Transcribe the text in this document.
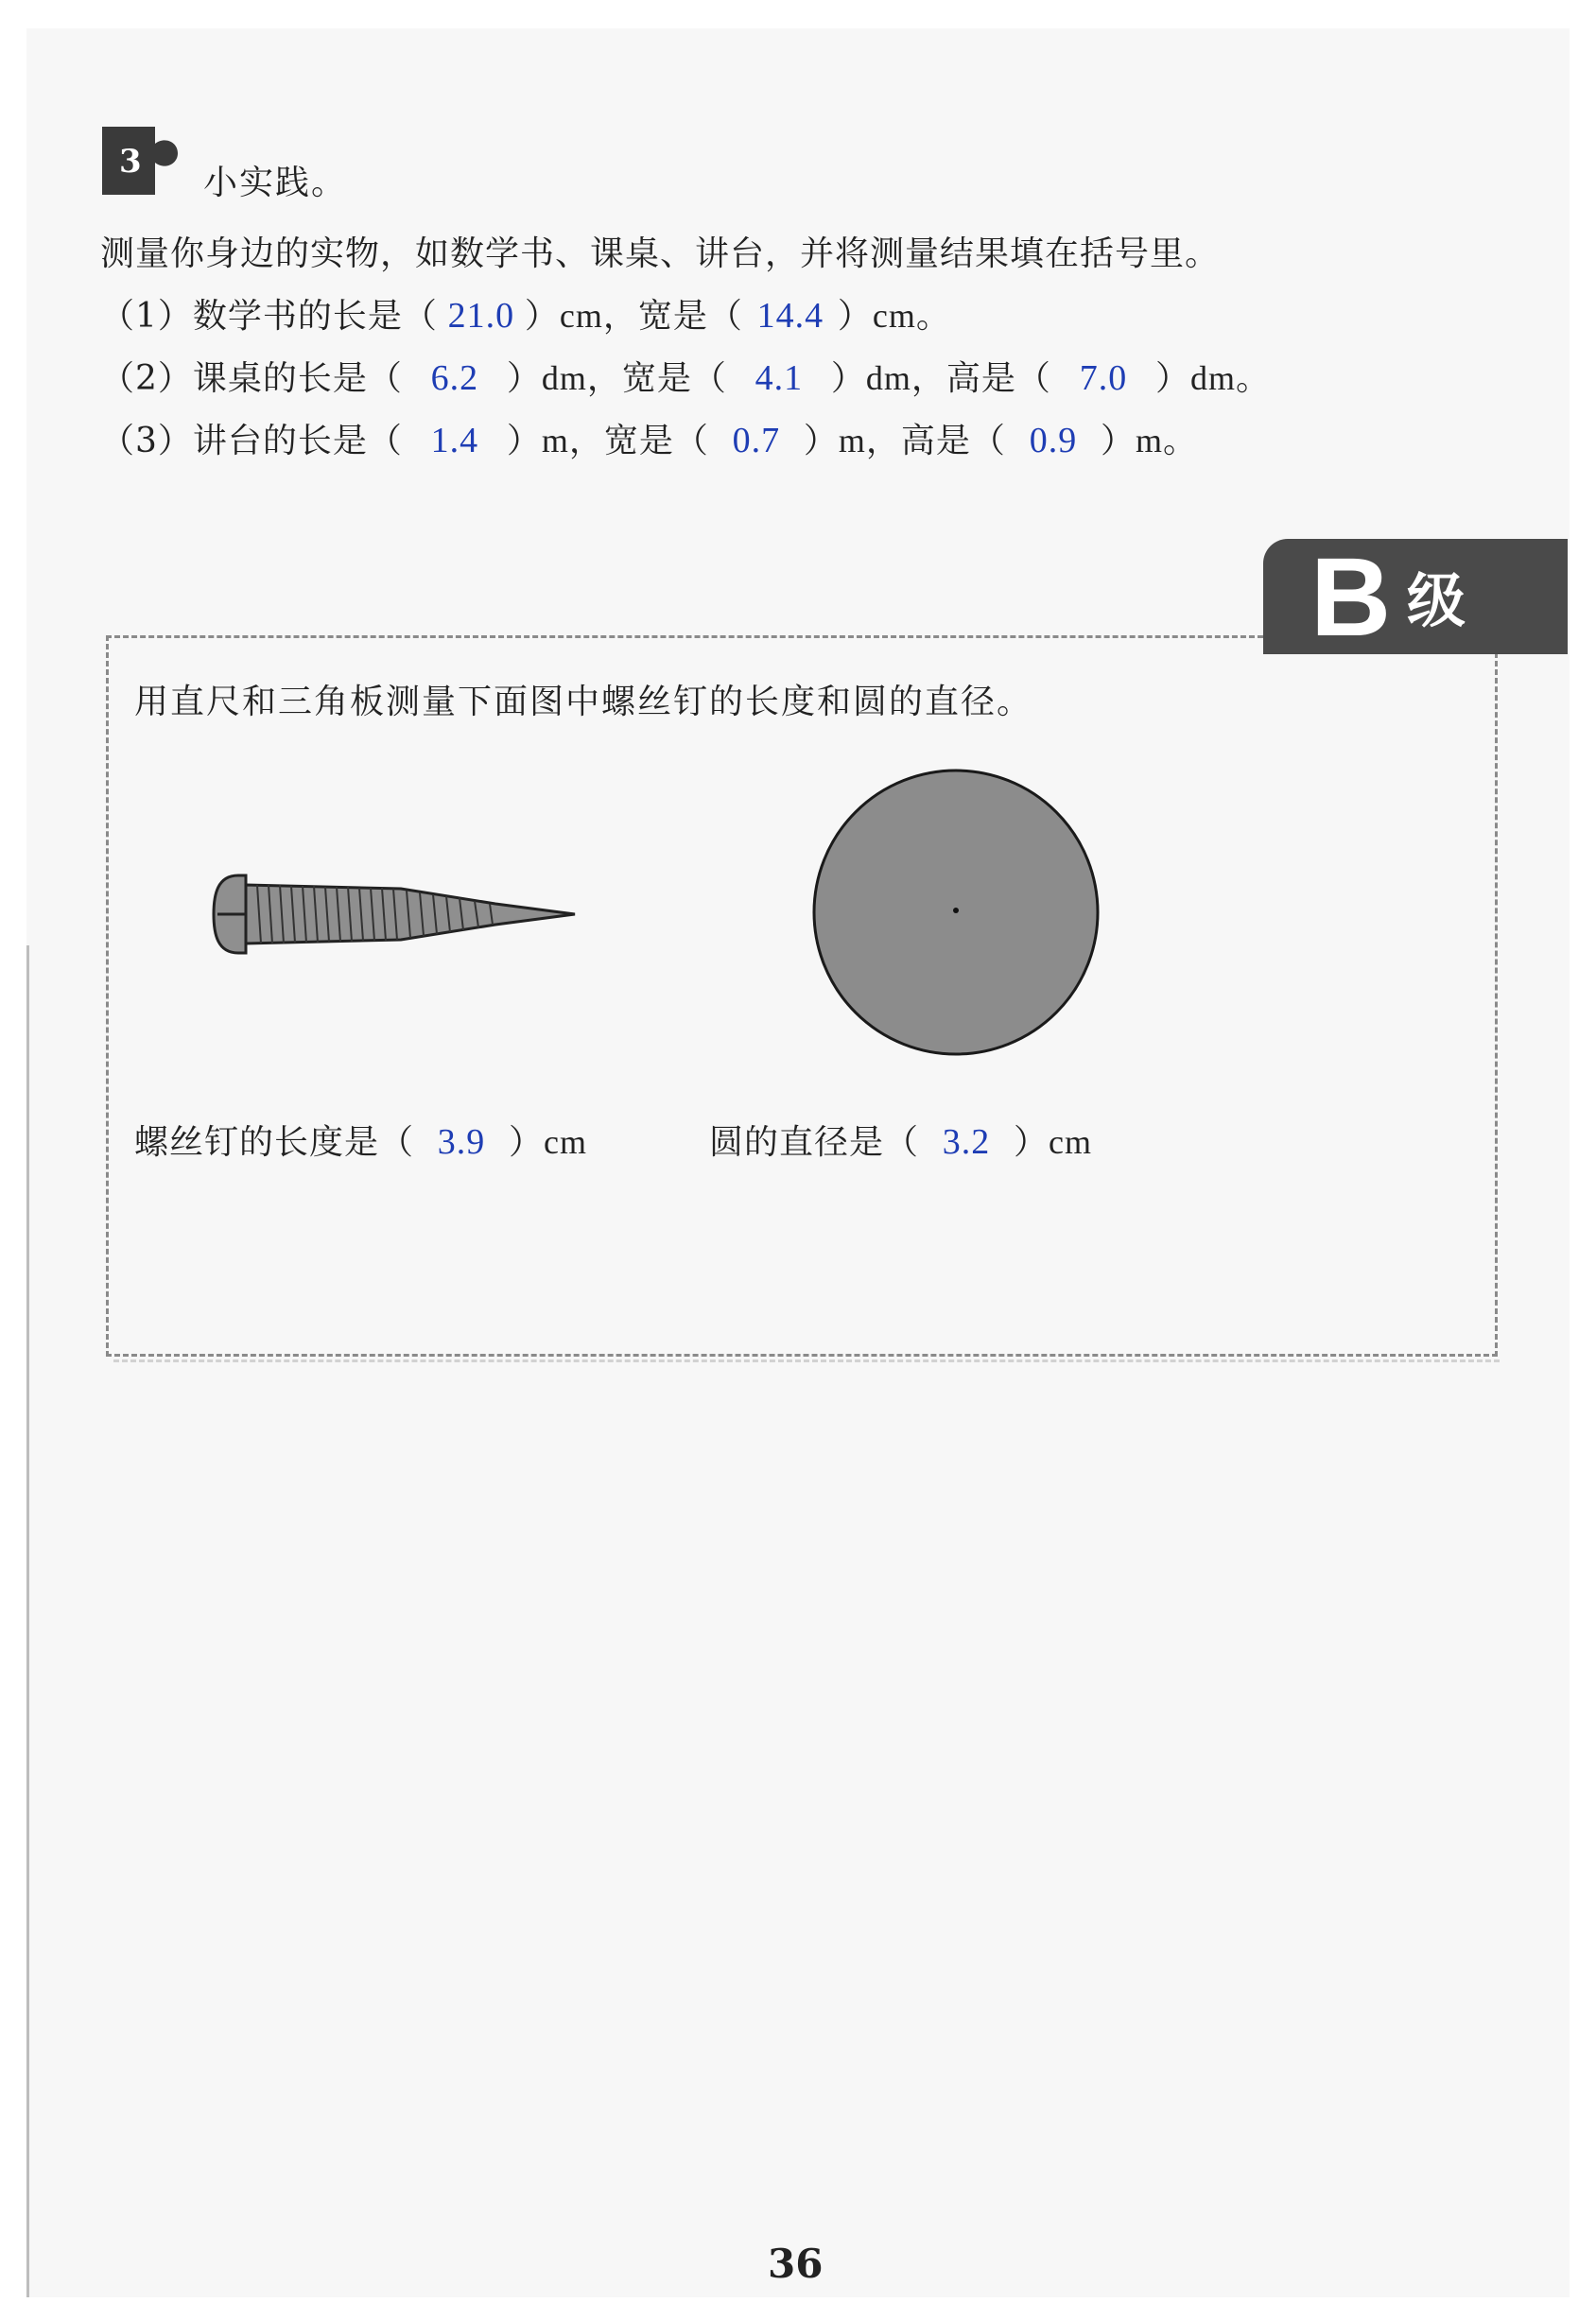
3
小实践。
测量你身边的实物，如数学书、课桌、讲台，并将测量结果填在括号里。
（1）数学书的长是（ 21.0 ）cm，宽是（ 14.4 ）cm。
（2）课桌的长是（ 6.2 ）dm，宽是（ 4.1 ）dm，高是（ 7.0 ）dm。
（3）讲台的长是（ 1.4 ）m，宽是（ 0.7 ）m，高是（ 0.9 ）m。
B 级
用直尺和三角板测量下面图中螺丝钉的长度和圆的直径。
螺丝钉的长度是（ 3.9 ）cm	圆的直径是（ 3.2 ）cm
36
